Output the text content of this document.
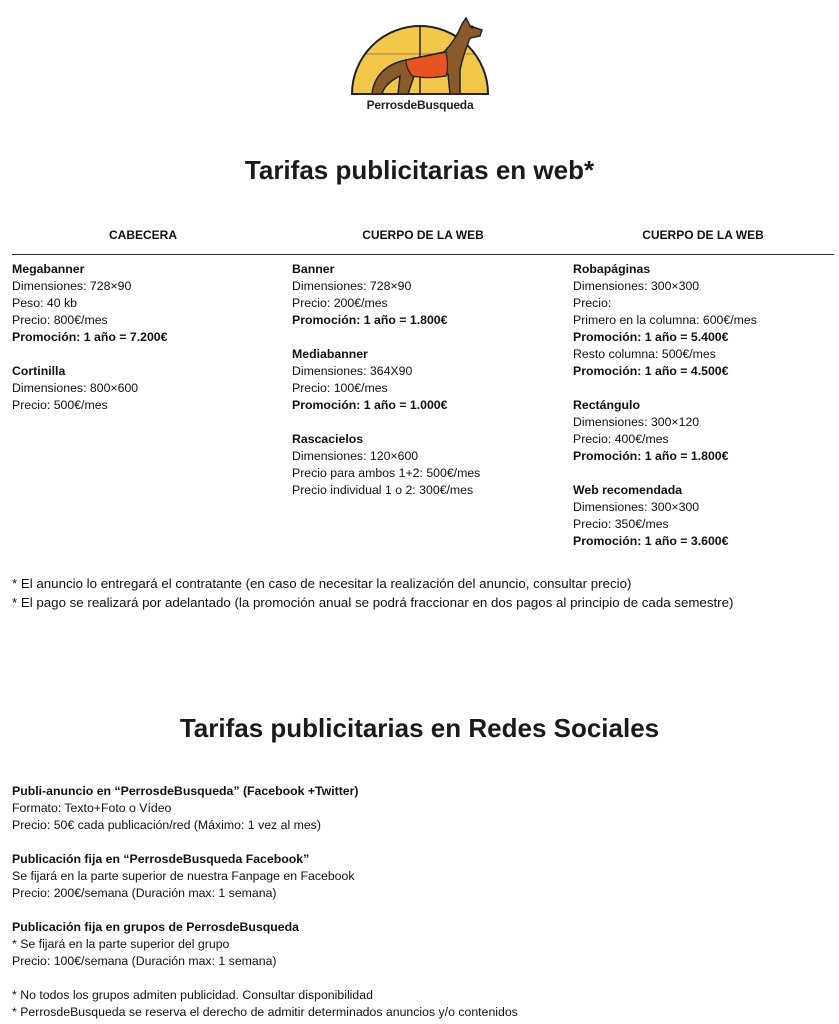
PerrosdeBusqueda
Tarifas publicitarias en web*
CABECERA	CUERPO DE LA WEB	CUERPO DE LA WEB
Megabanner
Dimensiones: 728×90
Peso: 40 kb
Precio: 800€/mes
Promoción: 1 año = 7.200€
Cortinilla
Dimensiones: 800×600
Precio: 500€/mes
Banner
Dimensiones: 728×90
Precio: 200€/mes
Promoción: 1 año = 1.800€
Mediabanner
Dimensiones: 364X90
Precio: 100€/mes
Promoción: 1 año = 1.000€
Rascacielos
Dimensiones: 120×600
Precio para ambos 1+2: 500€/mes
Precio individual 1 o 2: 300€/mes
Robapáginas
Dimensiones: 300×300
Precio:
Primero en la columna: 600€/mes
Promoción: 1 año = 5.400€
Resto columna: 500€/mes
Promoción: 1 año = 4.500€
Rectángulo
Dimensiones: 300×120
Precio: 400€/mes
Promoción: 1 año = 1.800€
Web recomendada
Dimensiones: 300×300
Precio: 350€/mes
Promoción: 1 año = 3.600€
* El anuncio lo entregará el contratante (en caso de necesitar la realización del anuncio, consultar precio)
* El pago se realizará por adelantado (la promoción anual se podrá fraccionar en dos pagos al principio de cada semestre)
Tarifas publicitarias en Redes Sociales
Publi-anuncio en “PerrosdeBusqueda” (Facebook +Twitter)
Formato: Texto+Foto o Vídeo
Precio: 50€ cada publicación/red (Máximo: 1 vez al mes)
Publicación fija en “PerrosdeBusqueda Facebook”
Se fijará en la parte superior de nuestra Fanpage en Facebook
Precio: 200€/semana (Duración max: 1 semana)
Publicación fija en grupos de PerrosdeBusqueda
* Se fijará en la parte superior del grupo
Precio: 100€/semana (Duración max: 1 semana)
* No todos los grupos admiten publicidad. Consultar disponibilidad
* PerrosdeBusqueda se reserva el derecho de admitir determinados anuncios y/o contenidos
